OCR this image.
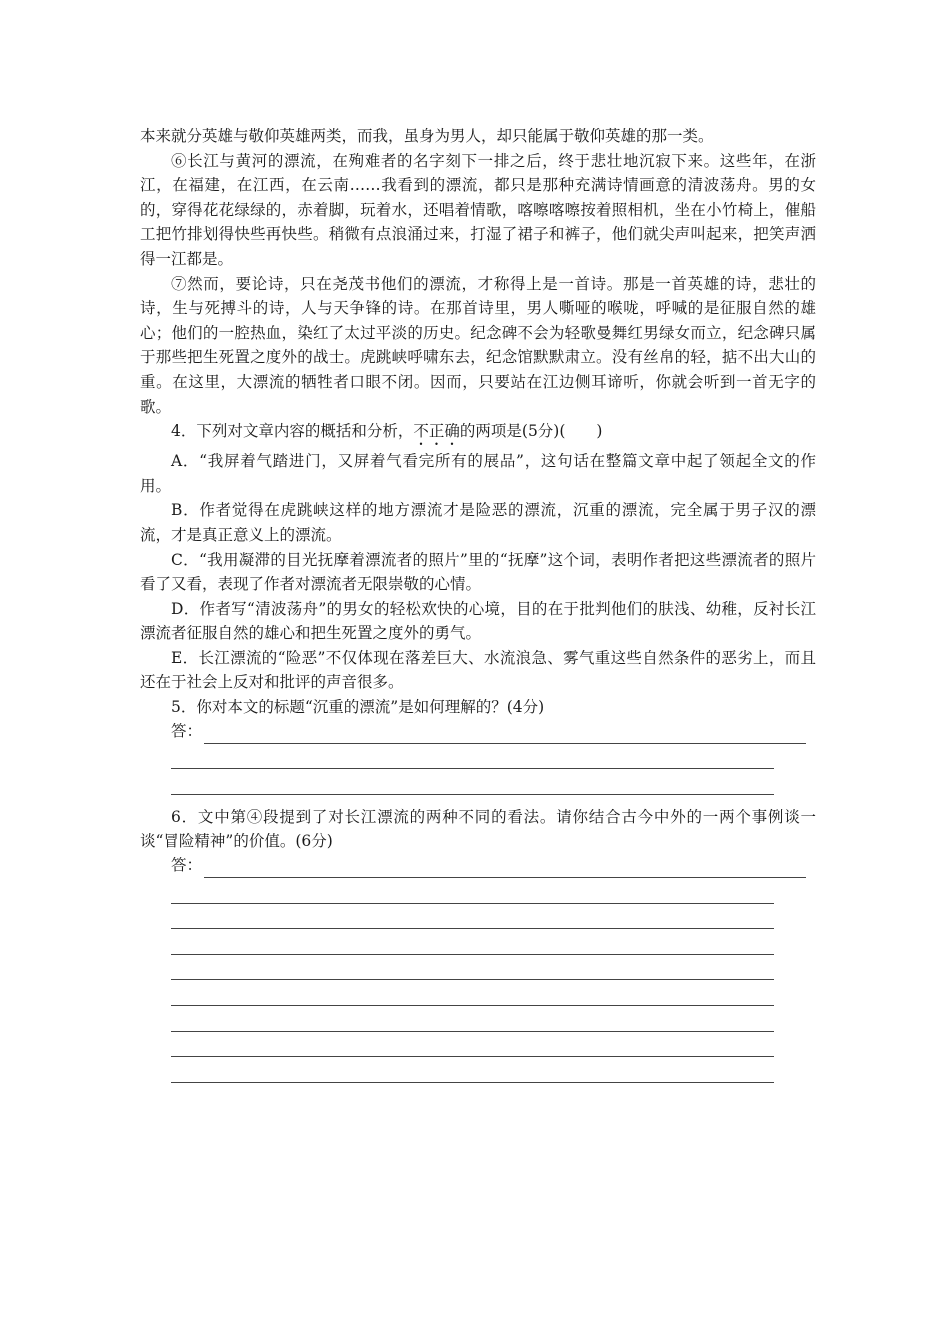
本来就分英雄与敬仰英雄两类，而我，虽身为男人，却只能属于敬仰英雄的那一类。

⑥长江与黄河的漂流，在殉难者的名字刻下一排之后，终于悲壮地沉寂下来。这些年，在浙江，在福建，在江西，在云南……我看到的漂流，都只是那种充满诗情画意的清波荡舟。男的女的，穿得花花绿绿的，赤着脚，玩着水，还唱着情歌，喀嚓喀嚓按着照相机，坐在小竹椅上，催船工把竹排划得快些再快些。稍微有点浪涌过来，打湿了裙子和裤子，他们就尖声叫起来，把笑声洒得一江都是。

⑦然而，要论诗，只在尧茂书他们的漂流，才称得上是一首诗。那是一首英雄的诗，悲壮的诗，生与死搏斗的诗，人与天争锋的诗。在那首诗里，男人嘶哑的喉咙，呼喊的是征服自然的雄心；他们的一腔热血，染红了太过平淡的历史。纪念碑不会为轻歌曼舞红男绿女而立，纪念碑只属于那些把生死置之度外的战士。虎跳峡呼啸东去，纪念馆默默肃立。没有丝帛的轻，掂不出大山的重。在这里，大漂流的牺牲者口眼不闭。因而，只要站在江边侧耳谛听，你就会听到一首无字的歌。

4．下列对文章内容的概括和分析，不正确的两项是(5分)(　　)

A．“我屏着气踏进门，又屏着气看完所有的展品”，这句话在整篇文章中起了领起全文的作用。

B．作者觉得在虎跳峡这样的地方漂流才是险恶的漂流，沉重的漂流，完全属于男子汉的漂流，才是真正意义上的漂流。

C．“我用凝滞的目光抚摩着漂流者的照片”里的“抚摩”这个词，表明作者把这些漂流者的照片看了又看，表现了作者对漂流者无限崇敬的心情。

D．作者写“清波荡舟”的男女的轻松欢快的心境，目的在于批判他们的肤浅、幼稚，反衬长江漂流者征服自然的雄心和把生死置之度外的勇气。

E．长江漂流的“险恶”不仅体现在落差巨大、水流浪急、雾气重这些自然条件的恶劣上，而且还在于社会上反对和批评的声音很多。

5．你对本文的标题“沉重的漂流”是如何理解的？(4分)

答：

6．文中第④段提到了对长江漂流的两种不同的看法。请你结合古今中外的一两个事例谈一谈“冒险精神”的价值。(6分)

答：
